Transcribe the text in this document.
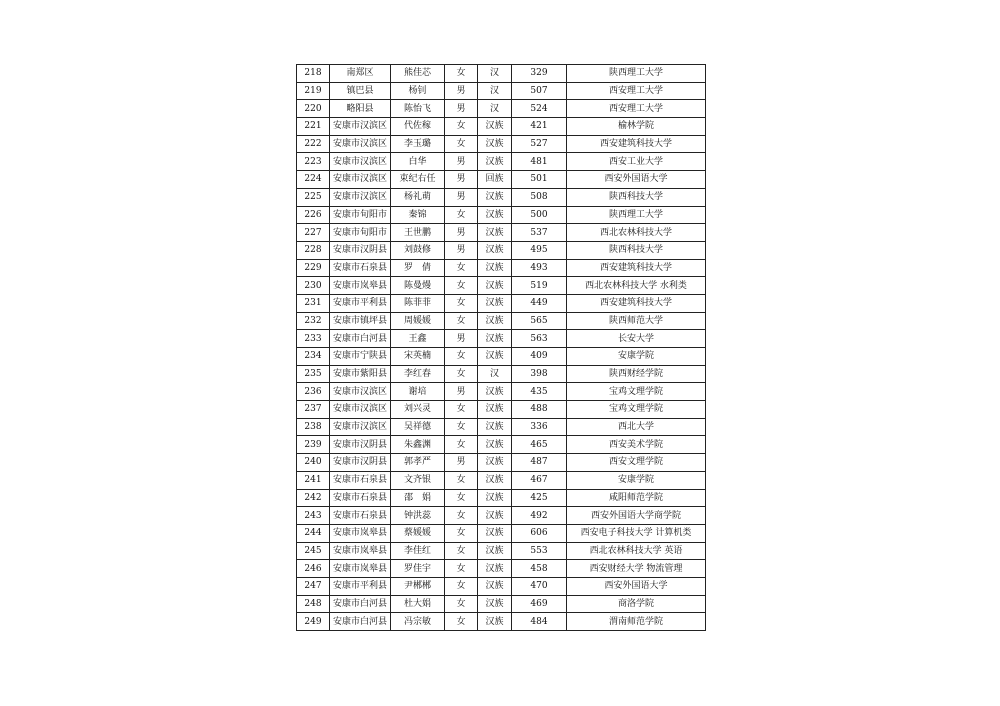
218	南郑区	熊佳芯	女	汉	329	陕西理工大学
219	镇巴县	杨钊	男	汉	507	西安理工大学
220	略阳县	陈怡飞	男	汉	524	西安理工大学
221	安康市汉滨区	代佐稼	女	汉族	421	榆林学院
222	安康市汉滨区	李玉璐	女	汉族	527	西安建筑科技大学
223	安康市汉滨区	白华	男	汉族	481	西安工业大学
224	安康市汉滨区	束纪右任	男	回族	501	西安外国语大学
225	安康市汉滨区	杨礼萌	男	汉族	508	陕西科技大学
226	安康市旬阳市	秦锦	女	汉族	500	陕西理工大学
227	安康市旬阳市	王世鹏	男	汉族	537	西北农林科技大学
228	安康市汉阴县	刘鼓修	男	汉族	495	陕西科技大学
229	安康市石泉县	罗　倩	女	汉族	493	西安建筑科技大学
230	安康市岚皋县	陈曼熳	女	汉族	519	西北农林科技大学 水利类
231	安康市平利县	陈菲菲	女	汉族	449	西安建筑科技大学
232	安康市镇坪县	周媛媛	女	汉族	565	陕西师范大学
233	安康市白河县	王鑫	男	汉族	563	长安大学
234	安康市宁陕县	宋英楠	女	汉族	409	安康学院
235	安康市紫阳县	李红春	女	汉	398	陕西财经学院
236	安康市汉滨区	谢培	男	汉族	435	宝鸡文理学院
237	安康市汉滨区	刘兴灵	女	汉族	488	宝鸡文理学院
238	安康市汉滨区	吴祥德	女	汉族	336	西北大学
239	安康市汉阴县	朱鑫渊	女	汉族	465	西安美术学院
240	安康市汉阴县	郭孝严	男	汉族	487	西安文理学院
241	安康市石泉县	文齐银	女	汉族	467	安康学院
242	安康市石泉县	邵　娟	女	汉族	425	咸阳师范学院
243	安康市石泉县	钟洪蕊	女	汉族	492	西安外国语大学商学院
244	安康市岚皋县	蔡媛媛	女	汉族	606	西安电子科技大学 计算机类
245	安康市岚皋县	李佳红	女	汉族	553	西北农林科技大学 英语
246	安康市岚皋县	罗佳宇	女	汉族	458	西安财经大学 物流管理
247	安康市平利县	尹郴郴	女	汉族	470	西安外国语大学
248	安康市白河县	杜大娟	女	汉族	469	商洛学院
249	安康市白河县	冯宗敏	女	汉族	484	渭南师范学院
